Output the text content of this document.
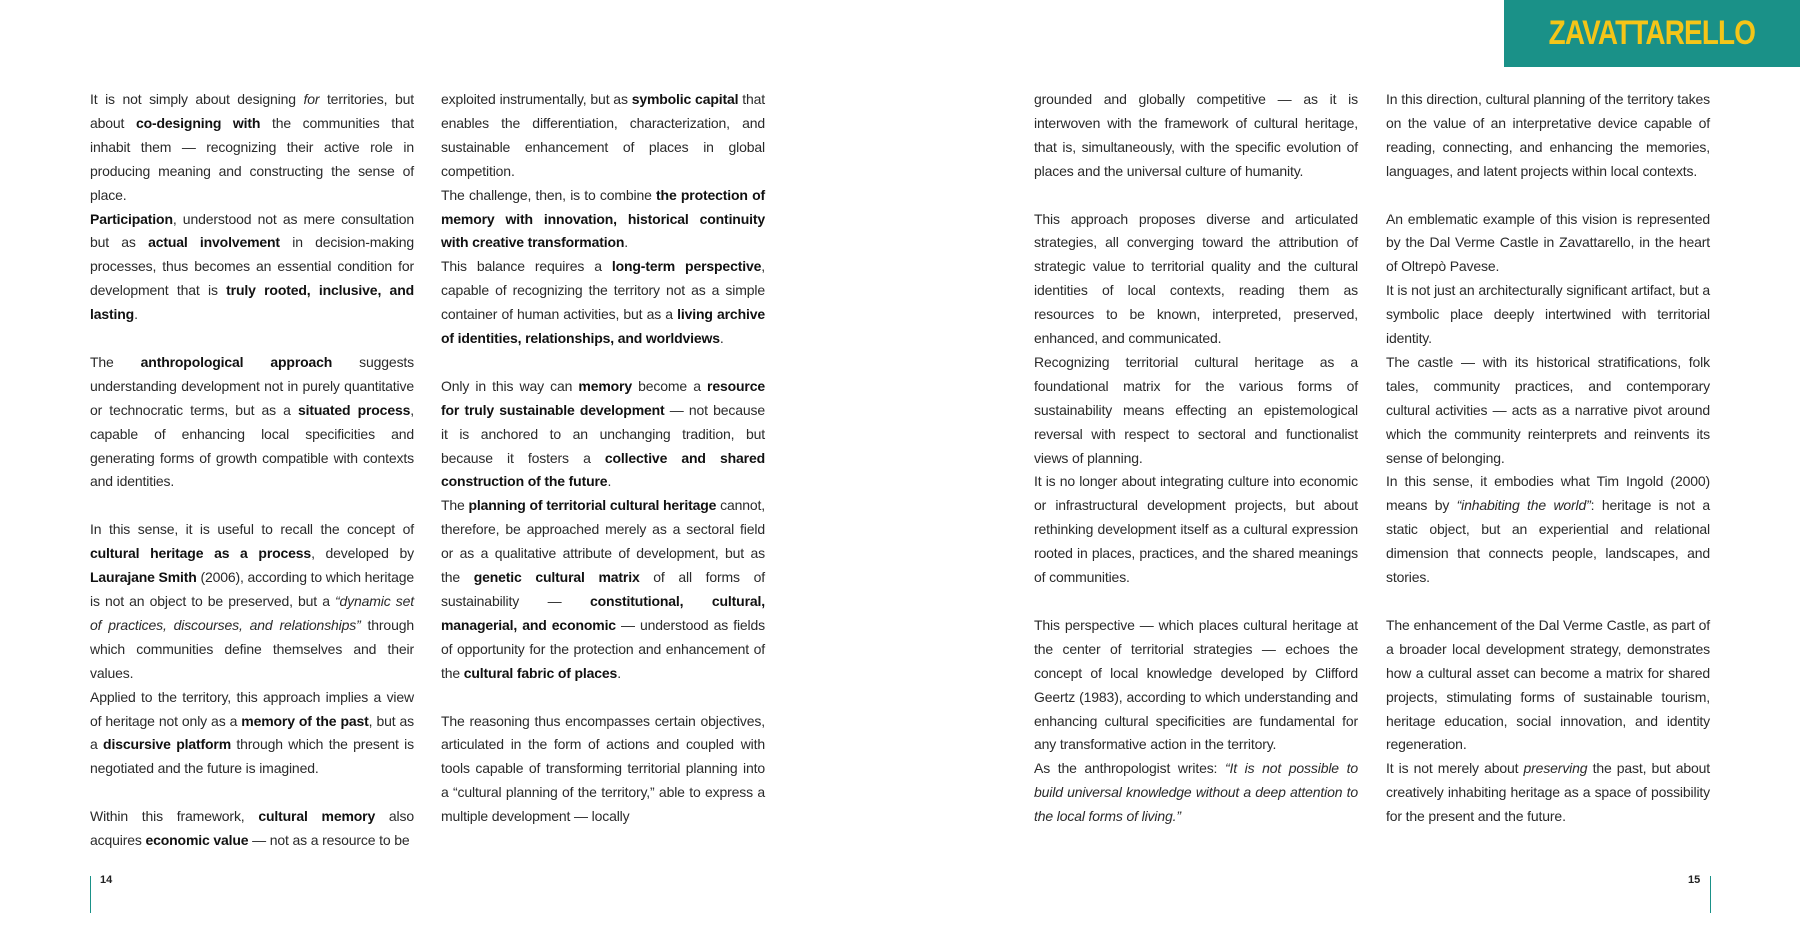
ZAVATTARELLO

It is not simply about designing for territories, but about co-designing with the communities that inhabit them — recognizing their active role in producing meaning and constructing the sense of place.

Participation, understood not as mere consultation but as actual involvement in decision-making processes, thus becomes an essential condition for development that is truly rooted, inclusive, and lasting.

The anthropological approach suggests understanding development not in purely quantitative or technocratic terms, but as a situated process, capable of enhancing local specificities and generating forms of growth compatible with contexts and identities.

In this sense, it is useful to recall the concept of cultural heritage as a process, developed by Laurajane Smith (2006), according to which heritage is not an object to be preserved, but a “dynamic set of practices, discourses, and relationships” through which communities define themselves and their values.

Applied to the territory, this approach implies a view of heritage not only as a memory of the past, but as a discursive platform through which the present is negotiated and the future is imagined.

Within this framework, cultural memory also acquires economic value — not as a resource to be

exploited instrumentally, but as symbolic capital that enables the differentiation, characterization, and sustainable enhancement of places in global competition.

The challenge, then, is to combine the protection of memory with innovation, historical continuity with creative transformation.

This balance requires a long-term perspective, capable of recognizing the territory not as a simple container of human activities, but as a living archive of identities, relationships, and worldviews.

Only in this way can memory become a resource for truly sustainable development — not because it is anchored to an unchanging tradition, but because it fosters a collective and shared construction of the future.

The planning of territorial cultural heritage cannot, therefore, be approached merely as a sectoral field or as a qualitative attribute of development, but as the genetic cultural matrix of all forms of sustainability — constitutional, cultural, managerial, and economic — understood as fields of opportunity for the protection and enhancement of the cultural fabric of places.

The reasoning thus encompasses certain objectives, articulated in the form of actions and coupled with tools capable of transforming territorial planning into a “cultural planning of the territory,” able to express a multiple development — locally

grounded and globally competitive — as it is interwoven with the framework of cultural heritage, that is, simultaneously, with the specific evolution of places and the universal culture of humanity.

This approach proposes diverse and articulated strategies, all converging toward the attribution of strategic value to territorial quality and the cultural identities of local contexts, reading them as resources to be known, interpreted, preserved, enhanced, and communicated.

Recognizing territorial cultural heritage as a foundational matrix for the various forms of sustainability means effecting an epistemological reversal with respect to sectoral and functionalist views of planning.

It is no longer about integrating culture into economic or infrastructural development projects, but about rethinking development itself as a cultural expression rooted in places, practices, and the shared meanings of communities.

This perspective — which places cultural heritage at the center of territorial strategies — echoes the concept of local knowledge developed by Clifford Geertz (1983), according to which understanding and enhancing cultural specificities are fundamental for any transformative action in the territory.

As the anthropologist writes: “It is not possible to build universal knowledge without a deep attention to the local forms of living.”

In this direction, cultural planning of the territory takes on the value of an interpretative device capable of reading, connecting, and enhancing the memories, languages, and latent projects within local contexts.

An emblematic example of this vision is represented by the Dal Verme Castle in Zavattarello, in the heart of Oltrepò Pavese.

It is not just an architecturally significant artifact, but a symbolic place deeply intertwined with territorial identity.

The castle — with its historical stratifications, folk tales, community practices, and contemporary cultural activities — acts as a narrative pivot around which the community reinterprets and reinvents its sense of belonging.

In this sense, it embodies what Tim Ingold (2000) means by “inhabiting the world”: heritage is not a static object, but an experiential and relational dimension that connects people, landscapes, and stories.

The enhancement of the Dal Verme Castle, as part of a broader local development strategy, demonstrates how a cultural asset can become a matrix for shared projects, stimulating forms of sustainable tourism, heritage education, social innovation, and identity regeneration.

It is not merely about preserving the past, but about creatively inhabiting heritage as a space of possibility for the present and the future.

14	15
